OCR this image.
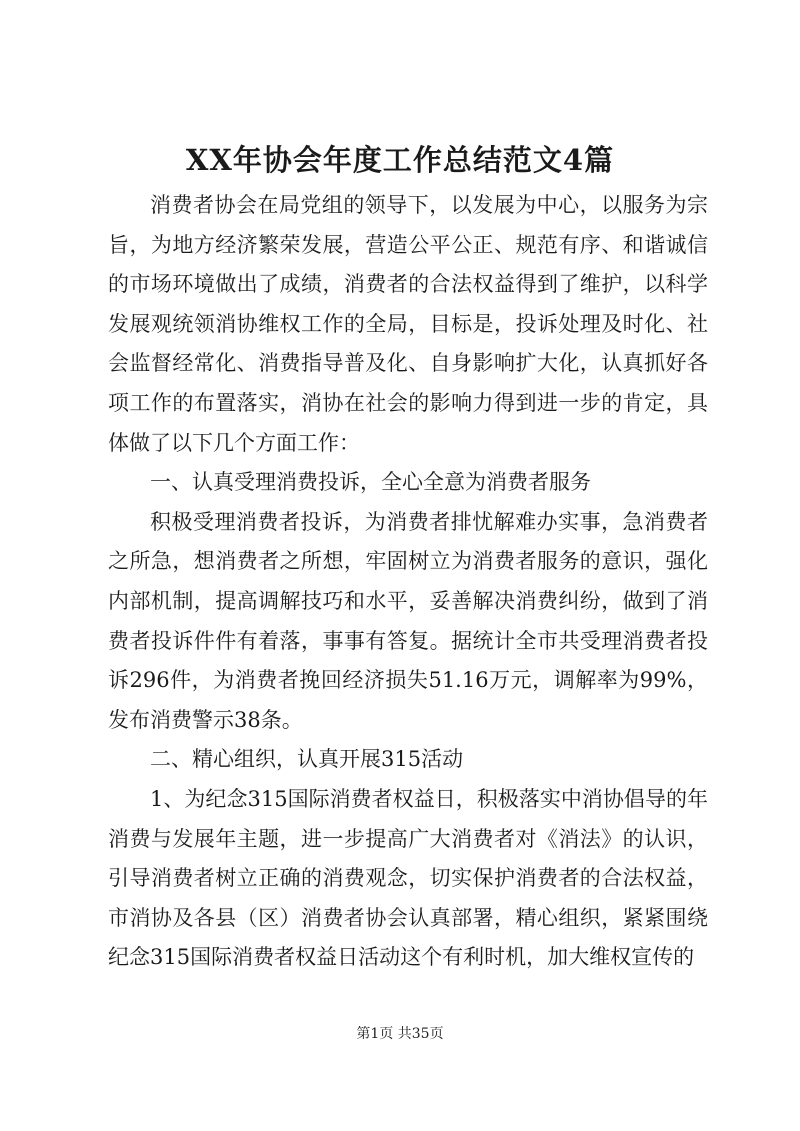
XX年协会年度工作总结范文4篇

消费者协会在局党组的领导下，以发展为中心，以服务为宗旨，为地方经济繁荣发展，营造公平公正、规范有序、和谐诚信的市场环境做出了成绩，消费者的合法权益得到了维护，以科学发展观统领消协维权工作的全局，目标是，投诉处理及时化、社会监督经常化、消费指导普及化、自身影响扩大化，认真抓好各项工作的布置落实，消协在社会的影响力得到进一步的肯定，具体做了以下几个方面工作：

一、认真受理消费投诉，全心全意为消费者服务

积极受理消费者投诉，为消费者排忧解难办实事，急消费者之所急，想消费者之所想，牢固树立为消费者服务的意识，强化内部机制，提高调解技巧和水平，妥善解决消费纠纷，做到了消费者投诉件件有着落，事事有答复。据统计全市共受理消费者投诉296件，为消费者挽回经济损失51.16万元，调解率为99%，发布消费警示38条。

二、精心组织，认真开展315活动

1、为纪念315国际消费者权益日，积极落实中消协倡导的年消费与发展年主题，进一步提高广大消费者对《消法》的认识，引导消费者树立正确的消费观念，切实保护消费者的合法权益，市消协及各县（区）消费者协会认真部署，精心组织，紧紧围绕纪念315国际消费者权益日活动这个有利时机，加大维权宣传的

第1页 共35页
